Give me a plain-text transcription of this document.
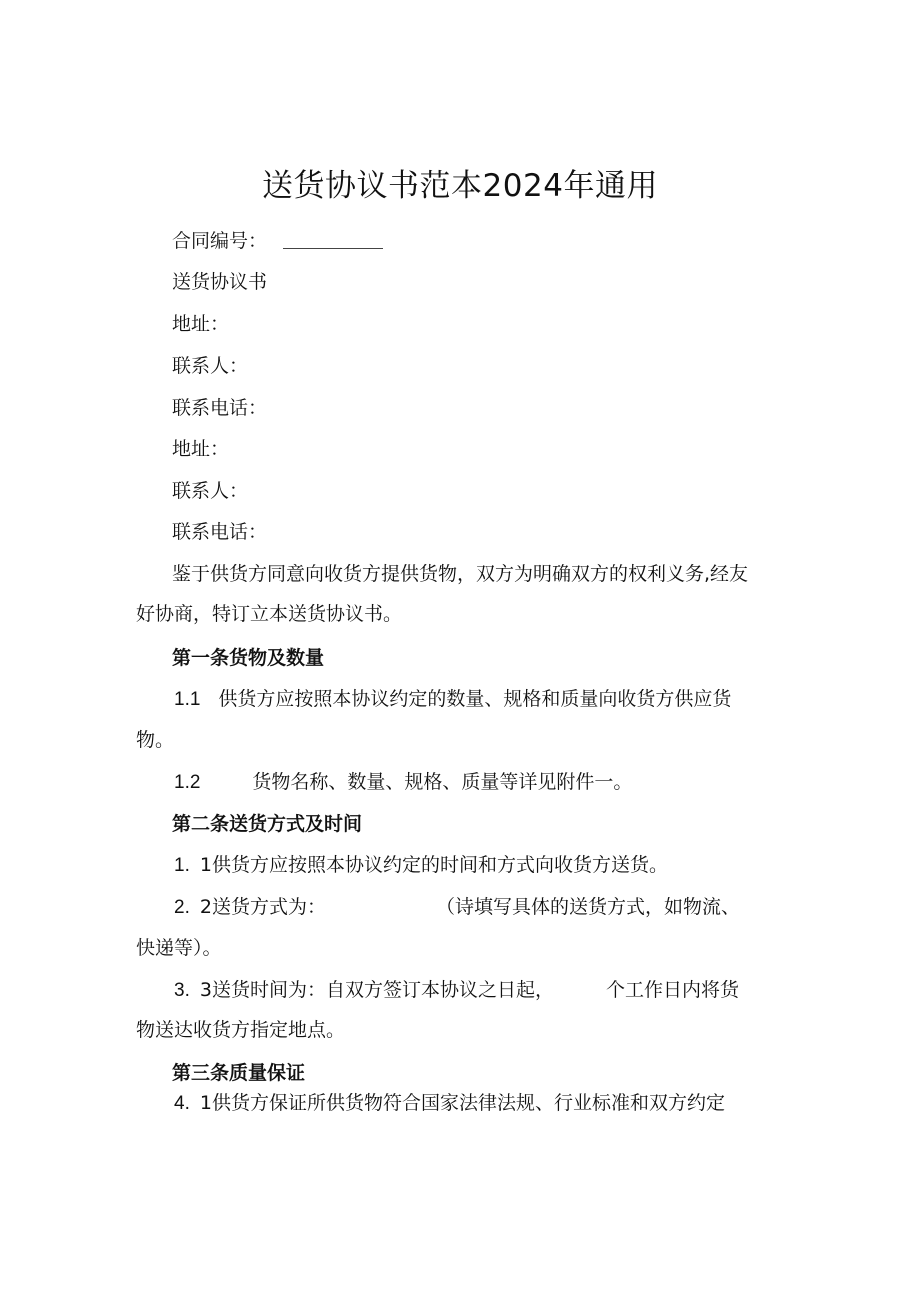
送货协议书范本2024年通用
合同编号：
送货协议书
地址：
联系人：
联系电话：
地址：
联系人：
联系电话：
鉴于供货方同意向收货方提供货物，双方为明确双方的权利义务,经友
好协商，特订立本送货协议书。
第一条货物及数量
1.1 供货方应按照本协议约定的数量、规格和质量向收货方供应货
物。
1.2	货物名称、数量、规格、质量等详见附件一。
第二条送货方式及时间
1. 1供货方应按照本协议约定的时间和方式向收货方送货。
2. 2送货方式为：	（诗填写具体的送货方式，如物流、
快递等）。
3. 3送货时间为：自双方签订本协议之日起，	个工作日内将货
物送达收货方指定地点。
第三条质量保证
4. 1供货方保证所供货物符合国家法律法规、行业标准和双方约定
